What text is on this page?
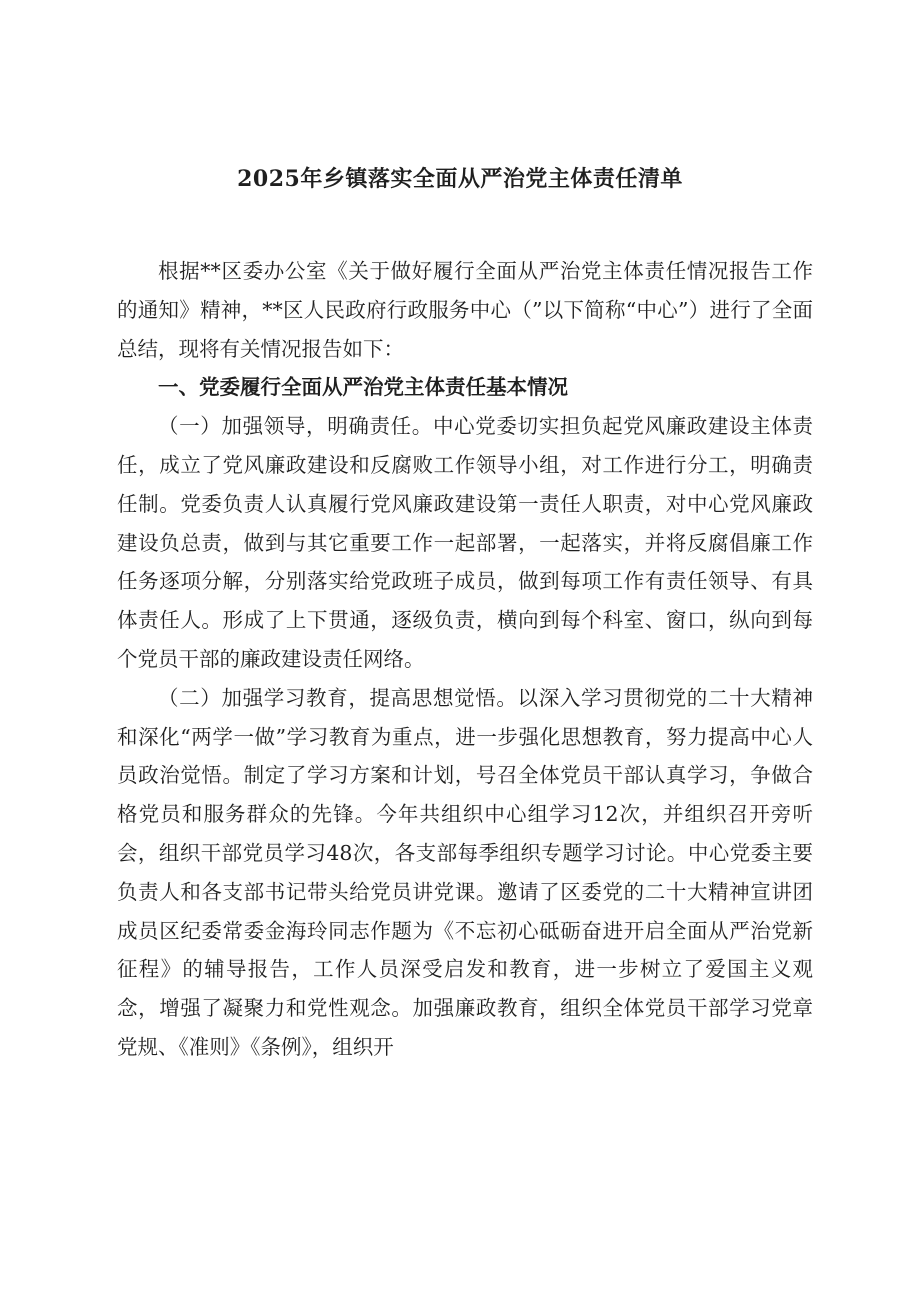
2025年乡镇落实全面从严治党主体责任清单

根据**区委办公室《关于做好履行全面从严治党主体责任情况报告工作的通知》精神，**区人民政府行政服务中心（”以下简称“中心”）进行了全面总结，现将有关情况报告如下：

一、党委履行全面从严治党主体责任基本情况

（一）加强领导，明确责任。中心党委切实担负起党风廉政建设主体责任，成立了党风廉政建设和反腐败工作领导小组，对工作进行分工，明确责任制。党委负责人认真履行党风廉政建设第一责任人职责，对中心党风廉政建设负总责，做到与其它重要工作一起部署，一起落实，并将反腐倡廉工作任务逐项分解，分别落实给党政班子成员，做到每项工作有责任领导、有具体责任人。形成了上下贯通，逐级负责，横向到每个科室、窗口，纵向到每个党员干部的廉政建设责任网络。

（二）加强学习教育，提高思想觉悟。以深入学习贯彻党的二十大精神和深化“两学一做”学习教育为重点，进一步强化思想教育，努力提高中心人员政治觉悟。制定了学习方案和计划，号召全体党员干部认真学习，争做合格党员和服务群众的先锋。今年共组织中心组学习12次，并组织召开旁听会，组织干部党员学习48次，各支部每季组织专题学习讨论。中心党委主要负责人和各支部书记带头给党员讲党课。邀请了区委党的二十大精神宣讲团成员区纪委常委金海玲同志作题为《不忘初心砥砺奋进开启全面从严治党新征程》的辅导报告，工作人员深受启发和教育，进一步树立了爱国主义观念，增强了凝聚力和党性观念。加强廉政教育，组织全体党员干部学习党章党规、《准则》《条例》，组织开
